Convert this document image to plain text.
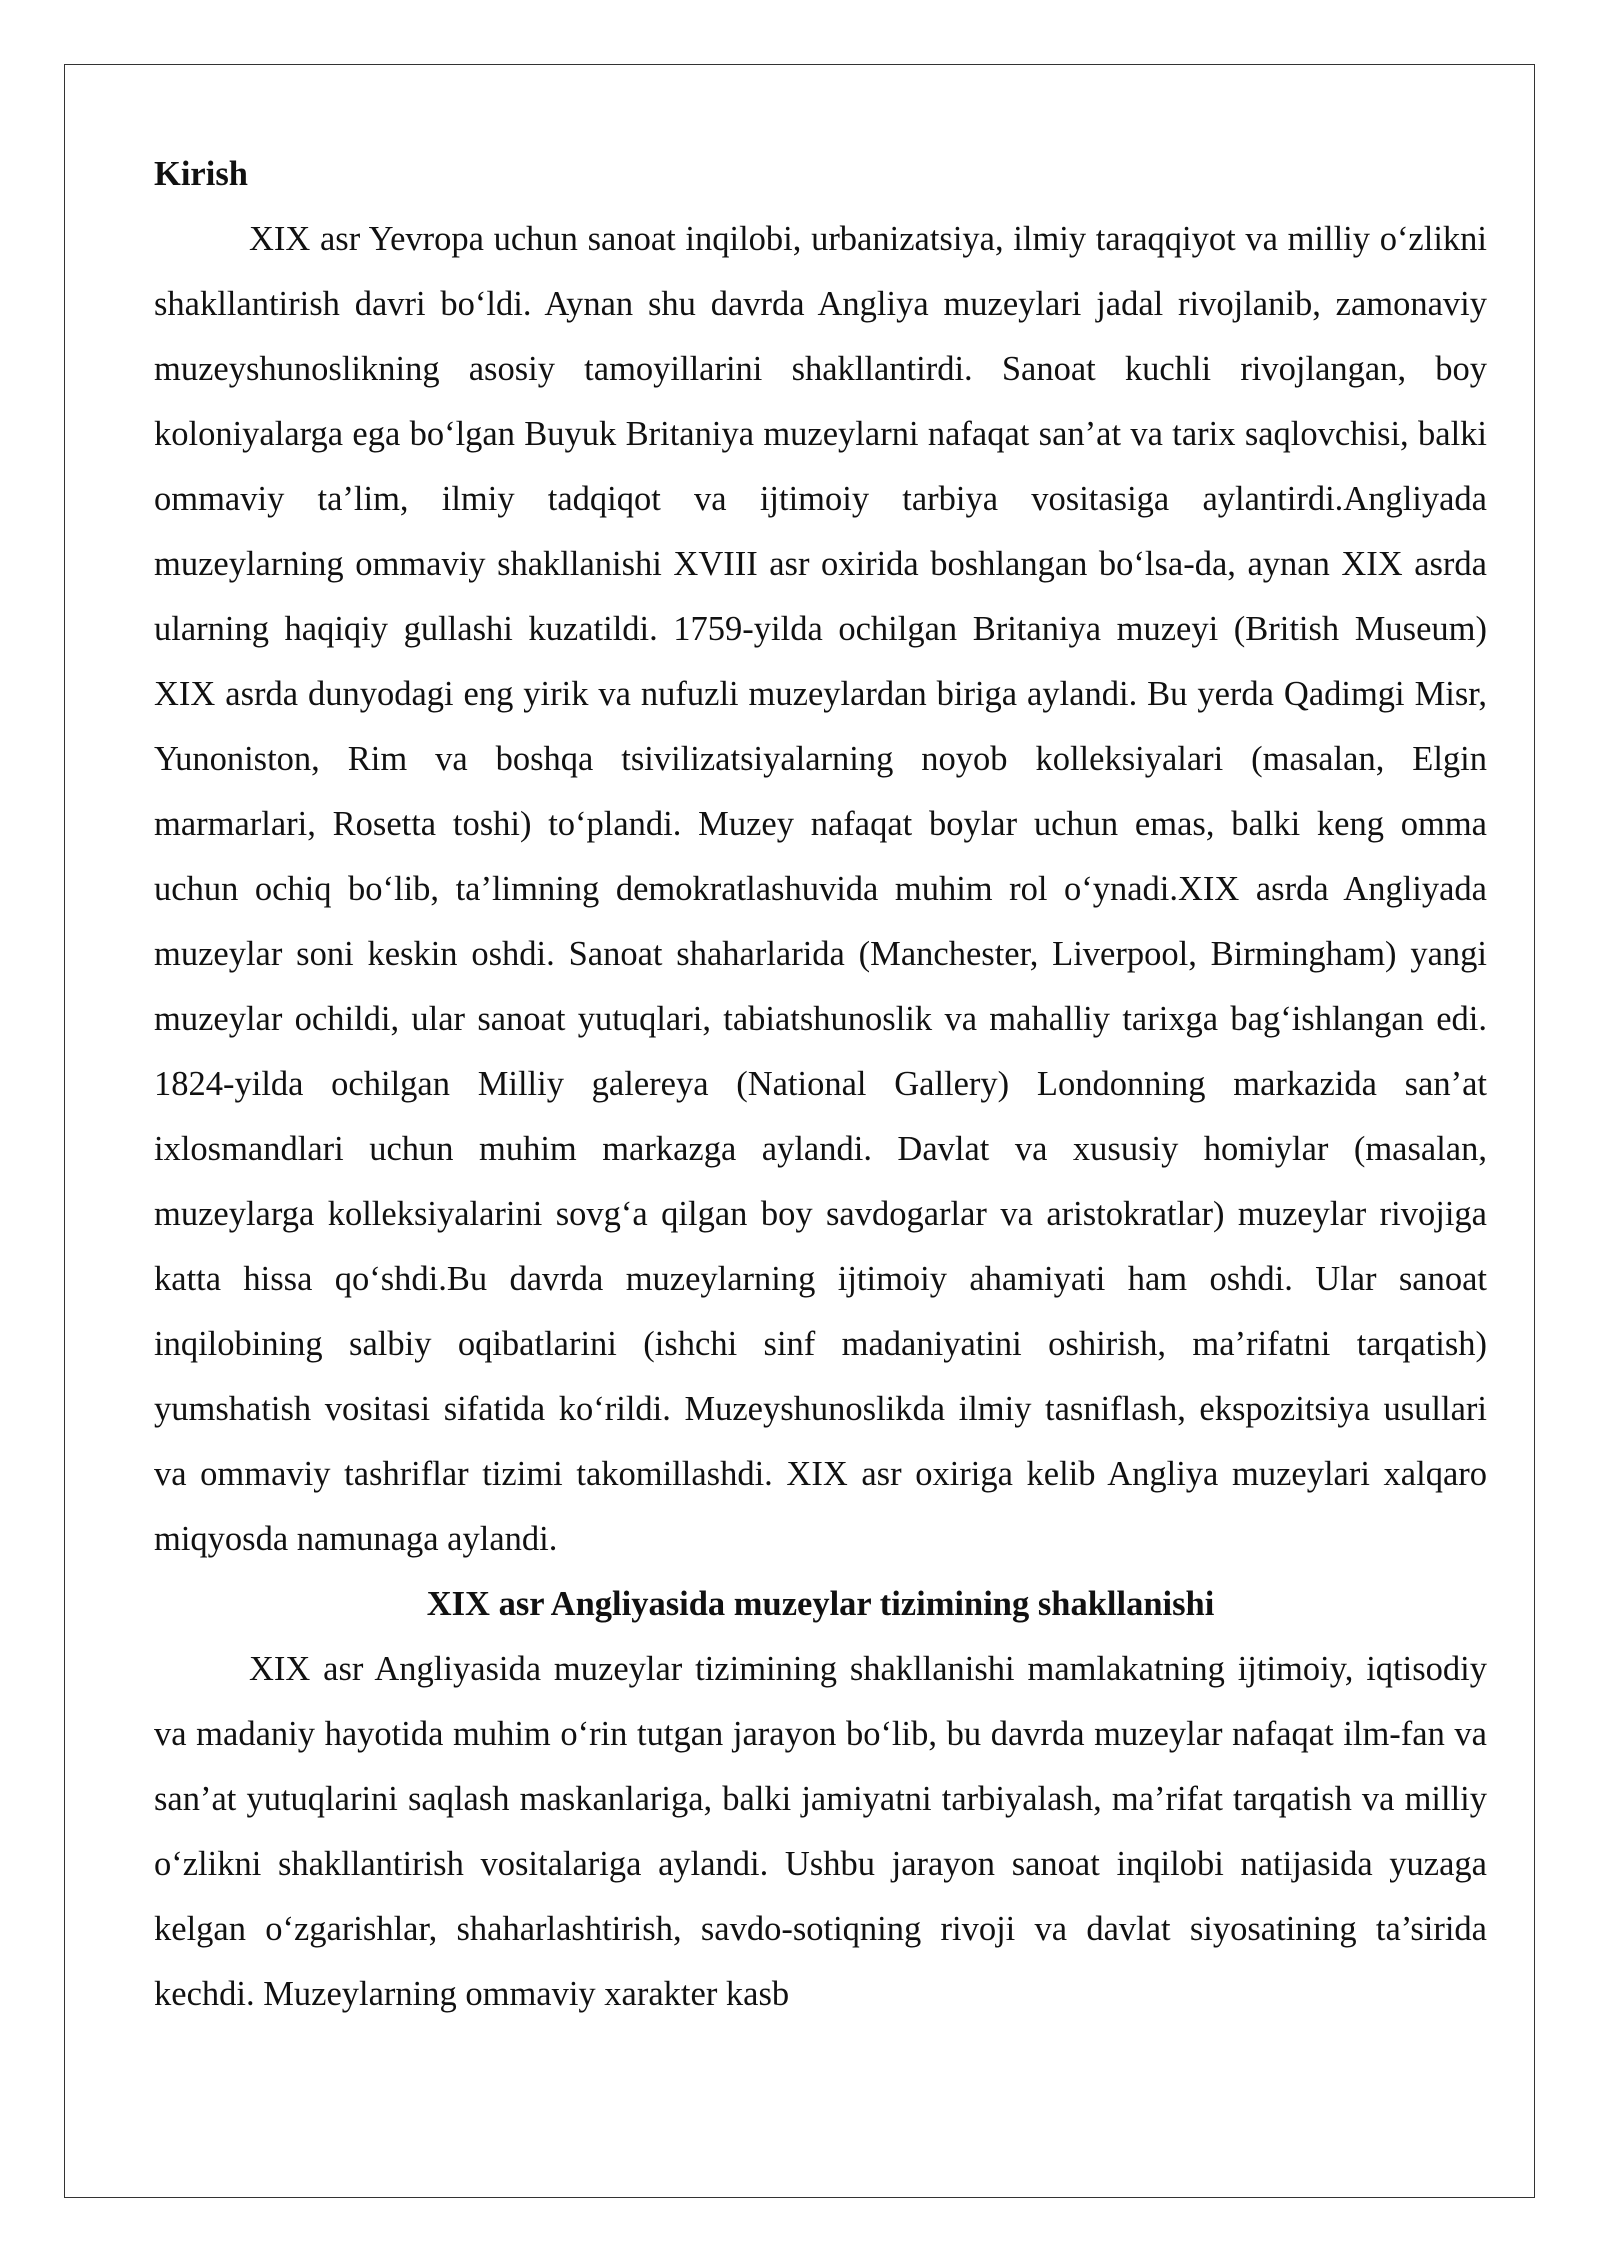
Kirish

XIX asr Yevropa uchun sanoat inqilobi, urbanizatsiya, ilmiy taraqqiyot va milliy o‘zlikni shakllantirish davri bo‘ldi. Aynan shu davrda Angliya muzeylari jadal rivojlanib, zamonaviy muzeyshunoslikning asosiy tamoyillarini shakllantirdi. Sanoat kuchli rivojlangan, boy koloniyalarga ega bo‘lgan Buyuk Britaniya muzeylarni nafaqat san’at va tarix saqlovchisi, balki ommaviy ta’lim, ilmiy tadqiqot va ijtimoiy tarbiya vositasiga aylantirdi.Angliyada muzeylarning ommaviy shakllanishi XVIII asr oxirida boshlangan bo‘lsa-da, aynan XIX asrda ularning haqiqiy gullashi kuzatildi. 1759-yilda ochilgan Britaniya muzeyi (British Museum) XIX asrda dunyodagi eng yirik va nufuzli muzeylardan biriga aylandi. Bu yerda Qadimgi Misr, Yunoniston, Rim va boshqa tsivilizatsiyalarning noyob kolleksiyalari (masalan, Elgin marmarlari, Rosetta toshi) to‘plandi. Muzey nafaqat boylar uchun emas, balki keng omma uchun ochiq bo‘lib, ta’limning demokratlashuvida muhim rol o‘ynadi.XIX asrda Angliyada muzeylar soni keskin oshdi. Sanoat shaharlarida (Manchester, Liverpool, Birmingham) yangi muzeylar ochildi, ular sanoat yutuqlari, tabiatshunoslik va mahalliy tarixga bag‘ishlangan edi. 1824-yilda ochilgan Milliy galereya (National Gallery) Londonning markazida san’at ixlosmandlari uchun muhim markazga aylandi. Davlat va xususiy homiylar (masalan, muzeylarga kolleksiyalarini sovg‘a qilgan boy savdogarlar va aristokratlar) muzeylar rivojiga katta hissa qo‘shdi.Bu davrda muzeylarning ijtimoiy ahamiyati ham oshdi. Ular sanoat inqilobining salbiy oqibatlarini (ishchi sinf madaniyatini oshirish, ma’rifatni tarqatish) yumshatish vositasi sifatida ko‘rildi. Muzeyshunoslikda ilmiy tasniflash, ekspozitsiya usullari va ommaviy tashriflar tizimi takomillashdi. XIX asr oxiriga kelib Angliya muzeylari xalqaro miqyosda namunaga aylandi.

XIX asr Angliyasida muzeylar tizimining shakllanishi

XIX asr Angliyasida muzeylar tizimining shakllanishi mamlakatning ijtimoiy, iqtisodiy va madaniy hayotida muhim o‘rin tutgan jarayon bo‘lib, bu davrda muzeylar nafaqat ilm-fan va san’at yutuqlarini saqlash maskanlariga, balki jamiyatni tarbiyalash, ma’rifat tarqatish va milliy o‘zlikni shakllantirish vositalariga aylandi. Ushbu jarayon sanoat inqilobi natijasida yuzaga kelgan o‘zgarishlar, shaharlashtirish, savdo-sotiqning rivoji va davlat siyosatining ta’sirida kechdi. Muzeylarning ommaviy xarakter kasb
